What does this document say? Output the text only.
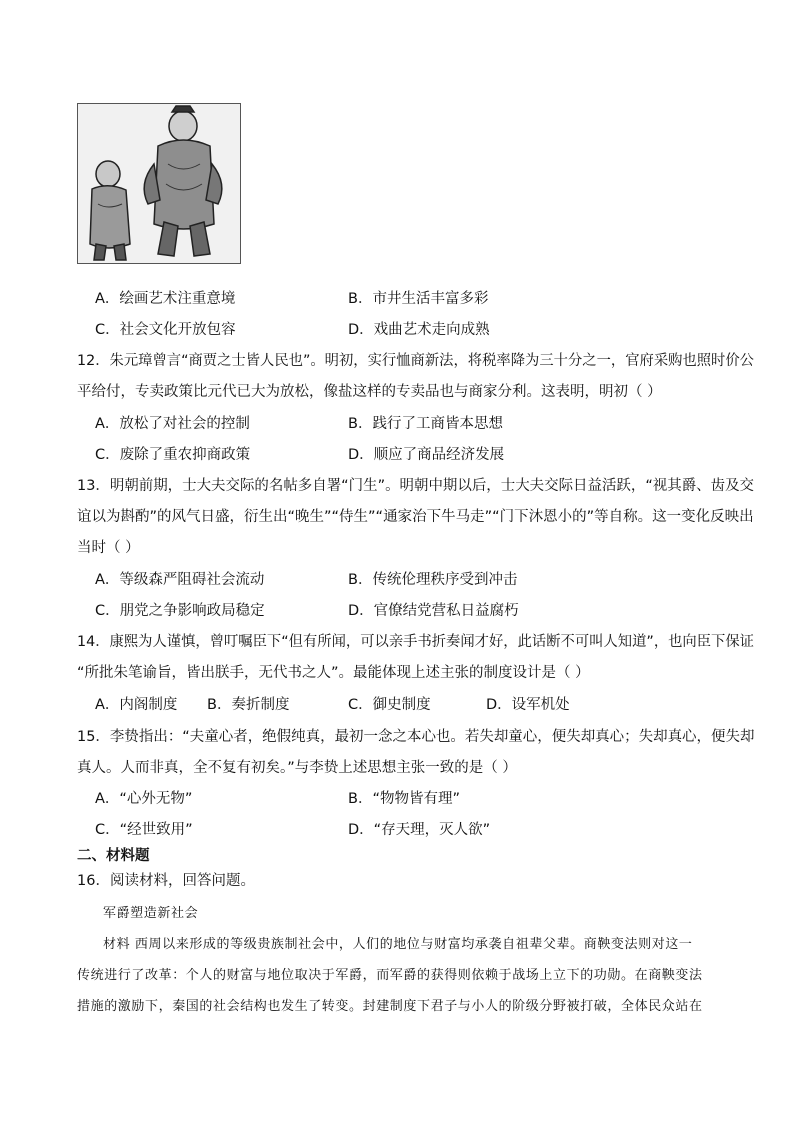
A．绘画艺术注重意境	B．市井生活丰富多彩
C．社会文化开放包容	D．戏曲艺术走向成熟
12．朱元璋曾言“商贾之士皆人民也”。明初，实行恤商新法，将税率降为三十分之一，官府采购也照时价公
平给付，专卖政策比元代已大为放松，像盐这样的专卖品也与商家分利。这表明，明初（ ）
A．放松了对社会的控制	B．践行了工商皆本思想
C．废除了重农抑商政策	D．顺应了商品经济发展
13．明朝前期，士大夫交际的名帖多自署“门生”。明朝中期以后，士大夫交际日益活跃，“视其爵、齿及交
谊以为斟酌”的风气日盛，衍生出“晚生”“侍生”“通家治下牛马走”“门下沐恩小的”等自称。这一变化反映出
当时（ ）
A．等级森严阻碍社会流动	B．传统伦理秩序受到冲击
C．朋党之争影响政局稳定	D．官僚结党营私日益腐朽
14．康熙为人谨慎，曾叮嘱臣下“但有所闻，可以亲手书折奏闻才好，此话断不可叫人知道”，也向臣下保证
“所批朱笔谕旨，皆出朕手，无代书之人”。最能体现上述主张的制度设计是（ ）
A．内阁制度 B．奏折制度	C．御史制度	D．设军机处
15．李贽指出：“夫童心者，绝假纯真，最初一念之本心也。若失却童心，便失却真心；失却真心，便失却
真人。人而非真，全不复有初矣。”与李贽上述思想主张一致的是（ ）
A．“心外无物”	B．“物物皆有理”
C．“经世致用”	D．“存天理，灭人欲”
二、材料题
16．阅读材料，回答问题。
军爵塑造新社会
材料 西周以来形成的等级贵族制社会中，人们的地位与财富均承袭自祖辈父辈。商鞅变法则对这一
传统进行了改革：个人的财富与地位取决于军爵，而军爵的获得则依赖于战场上立下的功勋。在商鞅变法
措施的激励下，秦国的社会结构也发生了转变。封建制度下君子与小人的阶级分野被打破，全体民众站在
